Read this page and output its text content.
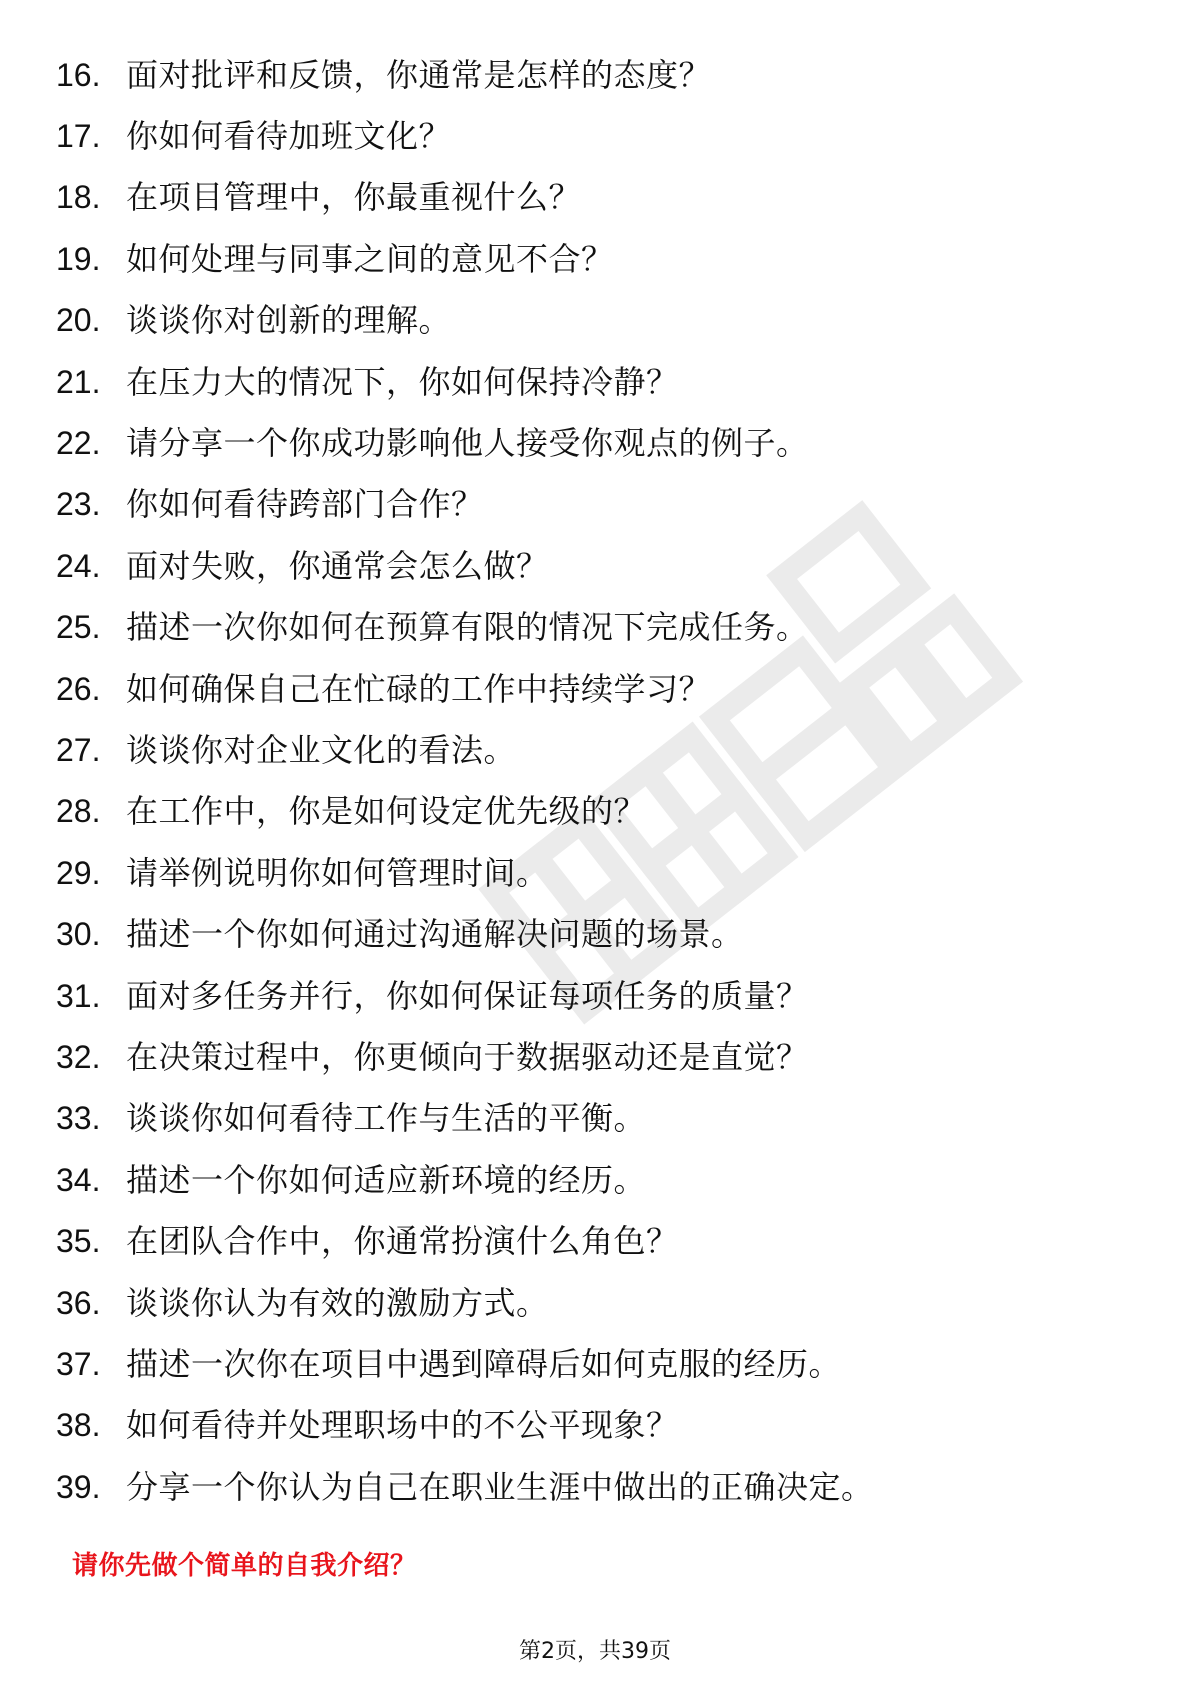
16. 面对批评和反馈，你通常是怎样的态度？
17. 你如何看待加班文化？
18. 在项目管理中，你最重视什么？
19. 如何处理与同事之间的意见不合？
20. 谈谈你对创新的理解。
21. 在压力大的情况下，你如何保持冷静？
22. 请分享一个你成功影响他人接受你观点的例子。
23. 你如何看待跨部门合作？
24. 面对失败，你通常会怎么做？
25. 描述一次你如何在预算有限的情况下完成任务。
26. 如何确保自己在忙碌的工作中持续学习？
27. 谈谈你对企业文化的看法。
28. 在工作中，你是如何设定优先级的？
29. 请举例说明你如何管理时间。
30. 描述一个你如何通过沟通解决问题的场景。
31. 面对多任务并行，你如何保证每项任务的质量？
32. 在决策过程中，你更倾向于数据驱动还是直觉？
33. 谈谈你如何看待工作与生活的平衡。
34. 描述一个你如何适应新环境的经历。
35. 在团队合作中，你通常扮演什么角色？
36. 谈谈你认为有效的激励方式。
37. 描述一次你在项目中遇到障碍后如何克服的经历。
38. 如何看待并处理职场中的不公平现象？
39. 分享一个你认为自己在职业生涯中做出的正确决定。
请你先做个简单的自我介绍？
第2页，共39页
